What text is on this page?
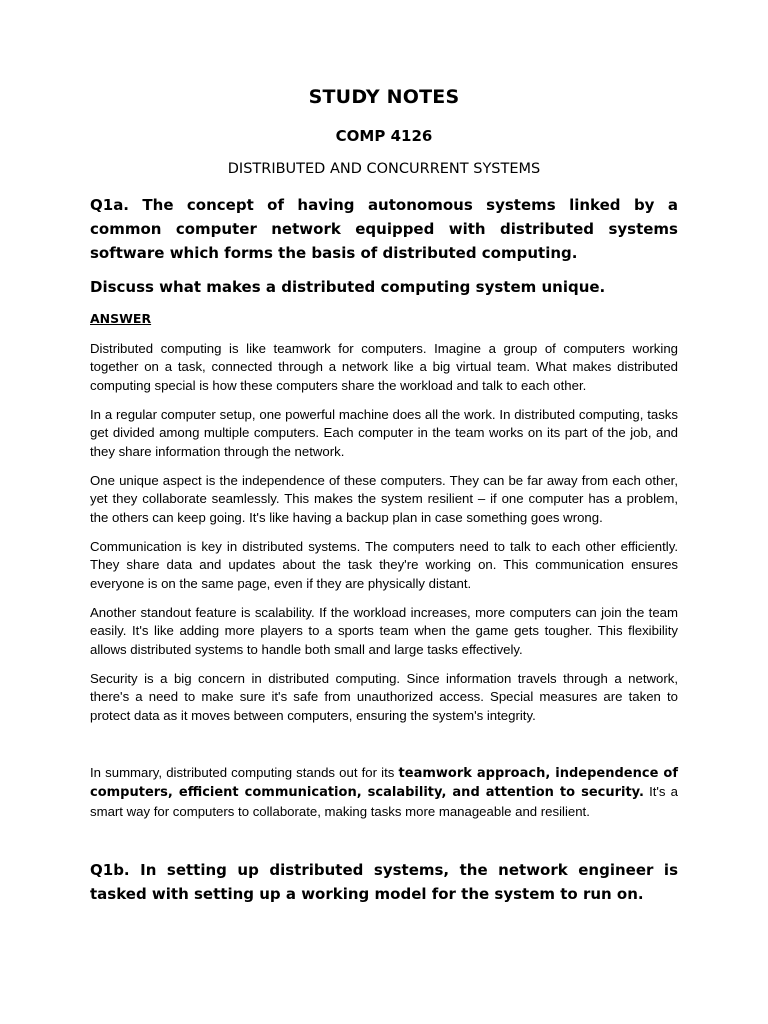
STUDY NOTES
COMP 4126
DISTRIBUTED AND CONCURRENT SYSTEMS
Q1a. The concept of having autonomous systems linked by a common computer network equipped with distributed systems software which forms the basis of distributed computing.
Discuss what makes a distributed computing system unique.
ANSWER

Distributed computing is like teamwork for computers. Imagine a group of computers working together on a task, connected through a network like a big virtual team. What makes distributed computing special is how these computers share the workload and talk to each other.

In a regular computer setup, one powerful machine does all the work. In distributed computing, tasks get divided among multiple computers. Each computer in the team works on its part of the job, and they share information through the network.

One unique aspect is the independence of these computers. They can be far away from each other, yet they collaborate seamlessly. This makes the system resilient – if one computer has a problem, the others can keep going. It's like having a backup plan in case something goes wrong.

Communication is key in distributed systems. The computers need to talk to each other efficiently. They share data and updates about the task they're working on. This communication ensures everyone is on the same page, even if they are physically distant.

Another standout feature is scalability. If the workload increases, more computers can join the team easily. It's like adding more players to a sports team when the game gets tougher. This flexibility allows distributed systems to handle both small and large tasks effectively.

Security is a big concern in distributed computing. Since information travels through a network, there's a need to make sure it's safe from unauthorized access. Special measures are taken to protect data as it moves between computers, ensuring the system's integrity.

In summary, distributed computing stands out for its teamwork approach, independence of computers, efficient communication, scalability, and attention to security. It's a smart way for computers to collaborate, making tasks more manageable and resilient.

Q1b. In setting up distributed systems, the network engineer is tasked with setting up a working model for the system to run on.
